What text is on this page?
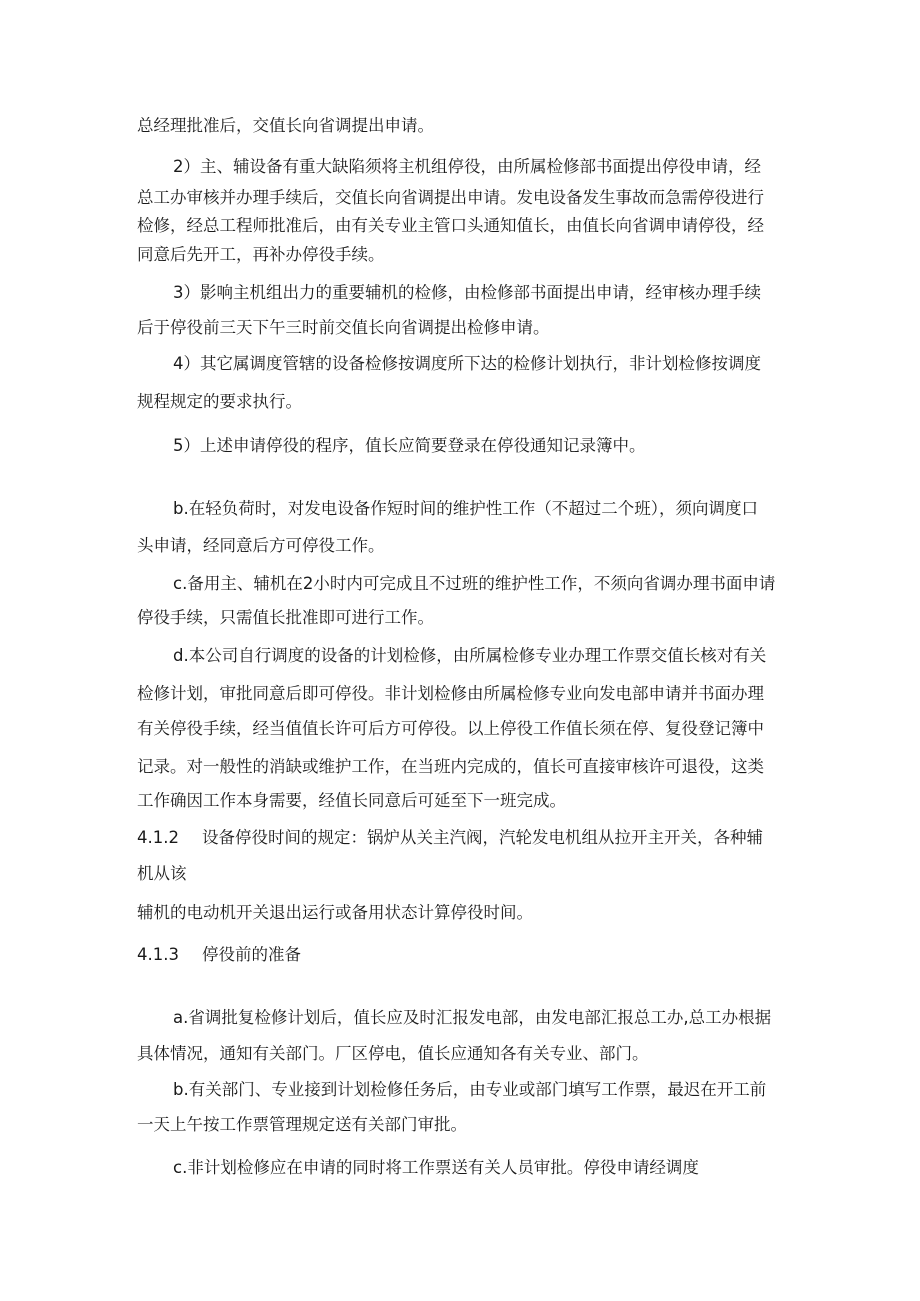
总经理批准后，交值长向省调提出申请。
2）主、辅设备有重大缺陷须将主机组停役，由所属检修部书面提出停役申请，经
总工办审核并办理手续后，交值长向省调提出申请。发电设备发生事故而急需停役进行
检修，经总工程师批准后，由有关专业主管口头通知值长，由值长向省调申请停役，经
同意后先开工，再补办停役手续。
3）影响主机组出力的重要辅机的检修，由检修部书面提出申请，经审核办理手续
后于停役前三天下午三时前交值长向省调提出检修申请。
4）其它属调度管辖的设备检修按调度所下达的检修计划执行，非计划检修按调度
规程规定的要求执行。
5）上述申请停役的程序，值长应简要登录在停役通知记录簿中。
b.在轻负荷时，对发电设备作短时间的维护性工作（不超过二个班），须向调度口
头申请，经同意后方可停役工作。
c.备用主、辅机在2小时内可完成且不过班的维护性工作，不须向省调办理书面申请
停役手续，只需值长批准即可进行工作。
d.本公司自行调度的设备的计划检修，由所属检修专业办理工作票交值长核对有关
检修计划，审批同意后即可停役。非计划检修由所属检修专业向发电部申请并书面办理
有关停役手续，经当值值长许可后方可停役。以上停役工作值长须在停、复役登记簿中
记录。对一般性的消缺或维护工作，在当班内完成的，值长可直接审核许可退役，这类
工作确因工作本身需要，经值长同意后可延至下一班完成。
4.1.2 设备停役时间的规定：锅炉从关主汽阀，汽轮发电机组从拉开主开关，各种辅
机从该
辅机的电动机开关退出运行或备用状态计算停役时间。
4.1.3 停役前的准备
a.省调批复检修计划后，值长应及时汇报发电部，由发电部汇报总工办,总工办根据
具体情况，通知有关部门。厂区停电，值长应通知各有关专业、部门。
b.有关部门、专业接到计划检修任务后，由专业或部门填写工作票，最迟在开工前
一天上午按工作票管理规定送有关部门审批。
c.非计划检修应在申请的同时将工作票送有关人员审批。停役申请经调度
